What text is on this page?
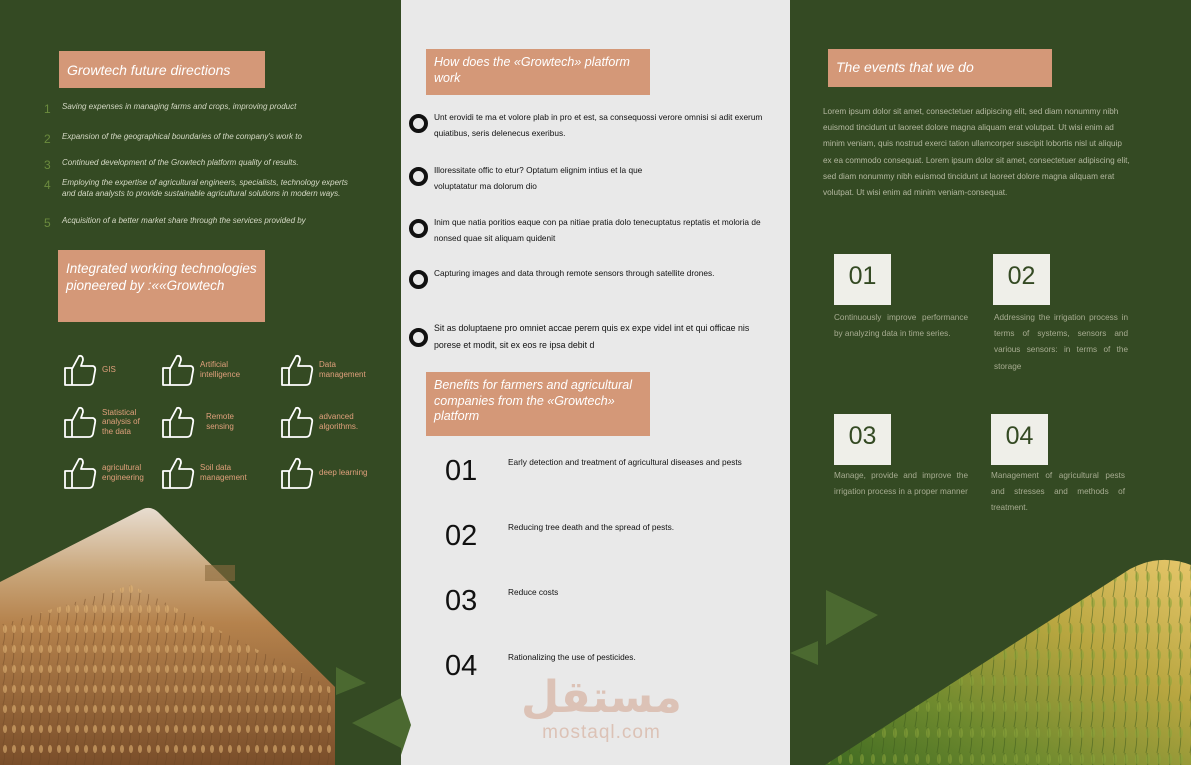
Growtech future directions
1	Saving expenses in managing farms and crops, improving product
2	Expansion of the geographical boundaries of the company's work to
3	Continued development of the Growtech platform quality of results.
4	Employing the expertise of agricultural engineers, specialists, technology experts and data analysts to provide sustainable agricultural solutions in modern ways.
5	Acquisition of a better market share through the services provided by
Integrated working technologies pioneered by :««Growtech
GIS
Artificial intelligence
Data management
Statistical analysis of the data
Remote sensing
advanced algorithms.
agricultural engineering
Soil data management
deep learning
How does the «Growtech» platform work
Unt erovidi te ma et volore plab in pro et est, sa consequossi verore omnisi si adit exerum quiatibus, seris delenecus exeribus.
Illoressitate offic to etur? Optatum elignim intius et la que voluptatatur ma dolorum dio
Inim que natia poritios eaque con pa nitiae pratia dolo tenecuptatus reptatis et moloria de nonsed quae sit aliquam quidenit
Capturing images and data through remote sensors through satellite drones.
Sit as doluptaene pro omniet accae perem quis ex expe videl int et qui officae nis porese et modit, sit ex eos re ipsa debit d
Benefits for farmers and agricultural companies from the «Growtech» platform
01	Early detection and treatment of agricultural diseases and pests
02	Reducing tree death and the spread of pests.
03	Reduce costs
04	Rationalizing the use of pesticides.
مستقل
mostaql.com
The events that we do
Lorem ipsum dolor sit amet, consectetuer adipiscing elit, sed diam nonummy nibh euismod tincidunt ut laoreet dolore magna aliquam erat volutpat. Ut wisi enim ad minim veniam, quis nostrud exerci tation ullamcorper suscipit lobortis nisl ut aliquip ex ea commodo consequat. Lorem ipsum dolor sit amet, consectetuer adipiscing elit, sed diam nonummy nibh euismod tincidunt ut laoreet dolore magna aliquam erat volutpat. Ut wisi enim ad minim veniam-consequat.
01
Continuously improve performance by analyzing data in time series.
02
Addressing the irrigation process in terms of systems, sensors and various sensors: in terms of the storage
03
Manage, provide and improve the irrigation process in a proper manner
04
Management of agricultural pests and stresses and methods of treatment.
